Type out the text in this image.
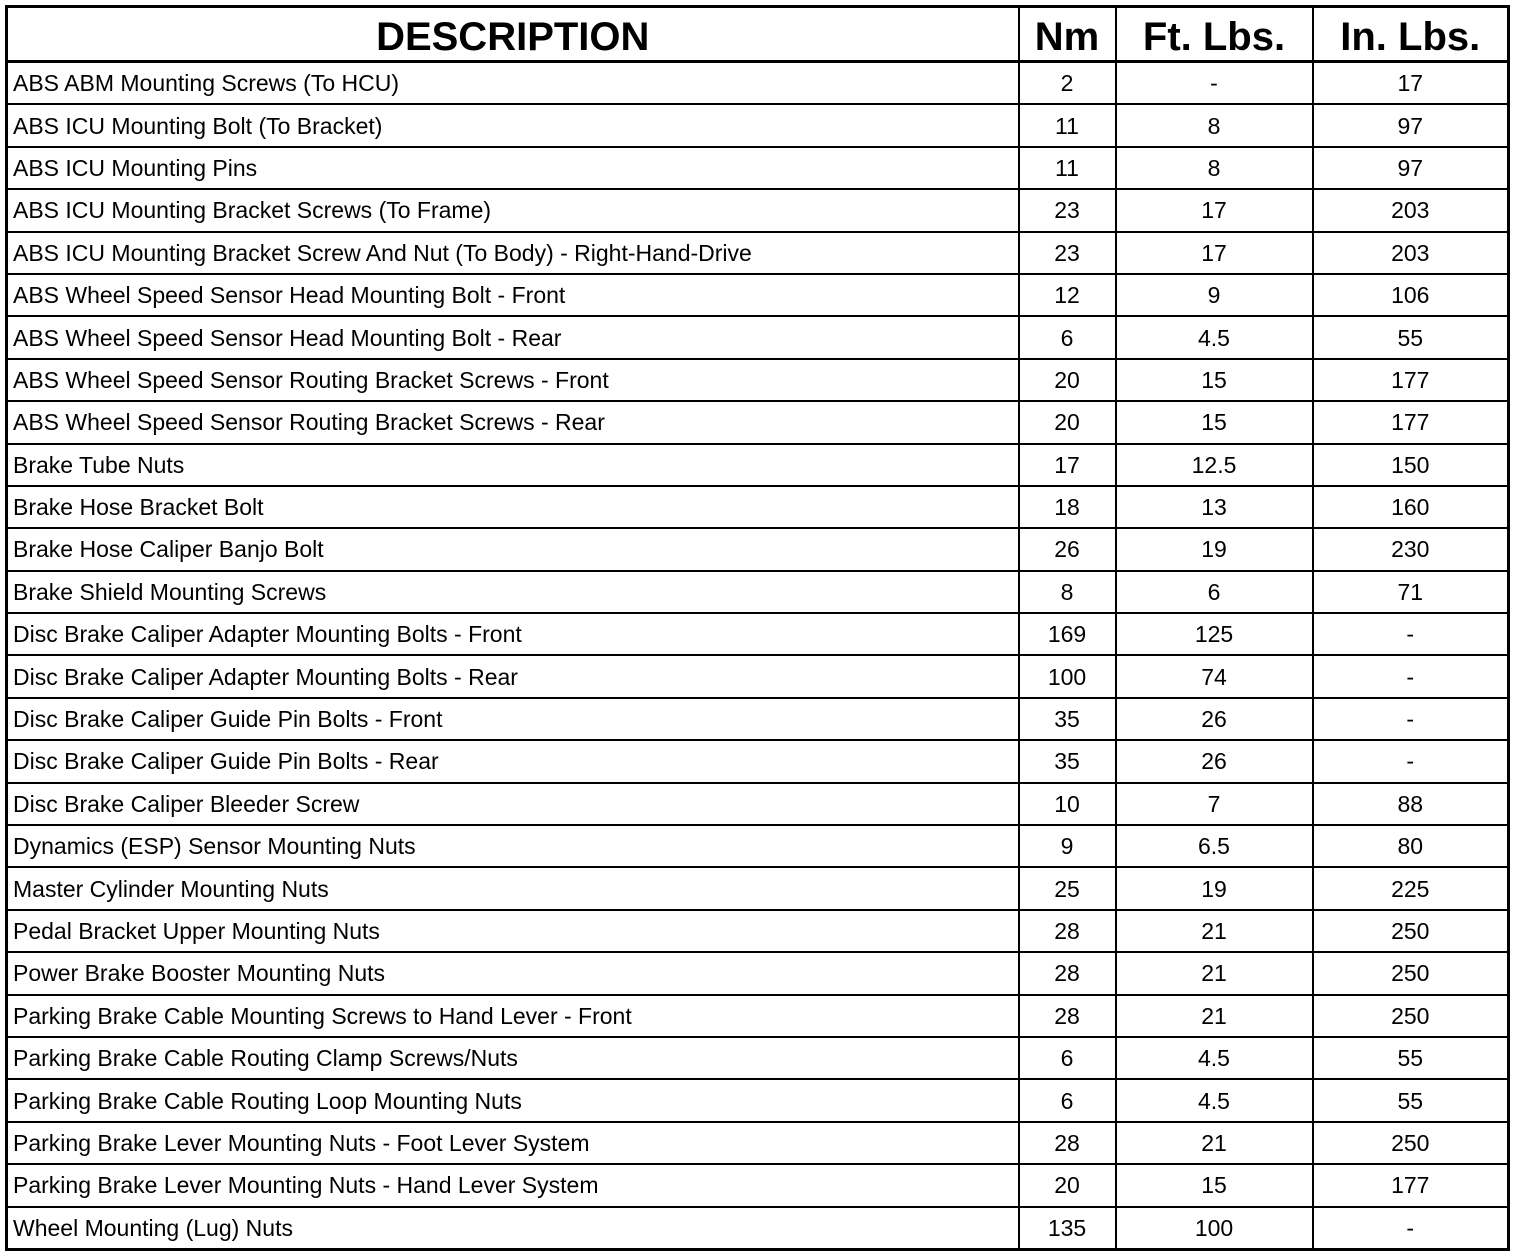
DESCRIPTION	Nm	Ft. Lbs.	In. Lbs.
ABS ABM Mounting Screws (To HCU)	2	-	17
ABS ICU Mounting Bolt (To Bracket)	11	8	97
ABS ICU Mounting Pins	11	8	97
ABS ICU Mounting Bracket Screws (To Frame)	23	17	203
ABS ICU Mounting Bracket Screw And Nut (To Body) - Right-Hand-Drive	23	17	203
ABS Wheel Speed Sensor Head Mounting Bolt - Front	12	9	106
ABS Wheel Speed Sensor Head Mounting Bolt - Rear	6	4.5	55
ABS Wheel Speed Sensor Routing Bracket Screws - Front	20	15	177
ABS Wheel Speed Sensor Routing Bracket Screws - Rear	20	15	177
Brake Tube Nuts	17	12.5	150
Brake Hose Bracket Bolt	18	13	160
Brake Hose Caliper Banjo Bolt	26	19	230
Brake Shield Mounting Screws	8	6	71
Disc Brake Caliper Adapter Mounting Bolts - Front	169	125	-
Disc Brake Caliper Adapter Mounting Bolts - Rear	100	74	-
Disc Brake Caliper Guide Pin Bolts - Front	35	26	-
Disc Brake Caliper Guide Pin Bolts - Rear	35	26	-
Disc Brake Caliper Bleeder Screw	10	7	88
Dynamics (ESP) Sensor Mounting Nuts	9	6.5	80
Master Cylinder Mounting Nuts	25	19	225
Pedal Bracket Upper Mounting Nuts	28	21	250
Power Brake Booster Mounting Nuts	28	21	250
Parking Brake Cable Mounting Screws to Hand Lever - Front	28	21	250
Parking Brake Cable Routing Clamp Screws/Nuts	6	4.5	55
Parking Brake Cable Routing Loop Mounting Nuts	6	4.5	55
Parking Brake Lever Mounting Nuts - Foot Lever System	28	21	250
Parking Brake Lever Mounting Nuts - Hand Lever System	20	15	177
Wheel Mounting (Lug) Nuts	135	100	-
